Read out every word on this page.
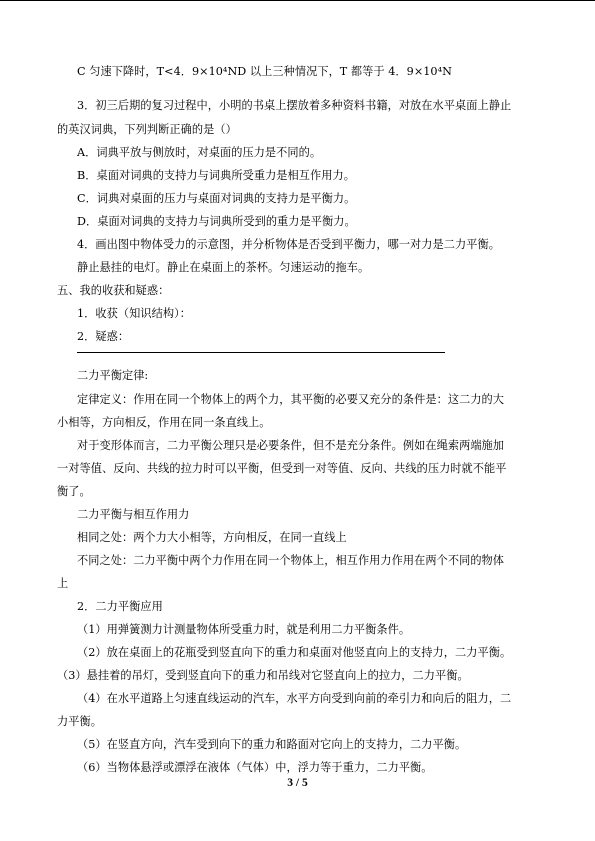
C 匀速下降时，T<4．9×10⁴ND 以上三种情况下，T 都等于 4．9×10⁴N
3．初三后期的复习过程中，小明的书桌上摆放着多种资料书籍，对放在水平桌面上静止
的英汉词典，下列判断正确的是（）
A．词典平放与侧放时，对桌面的压力是不同的。
B．桌面对词典的支持力与词典所受重力是相互作用力。
C．词典对桌面的压力与桌面对词典的支持力是平衡力。
D．桌面对词典的支持力与词典所受到的重力是平衡力。
4．画出图中物体受力的示意图，并分析物体是否受到平衡力，哪一对力是二力平衡。
静止悬挂的电灯。静止在桌面上的茶杯。匀速运动的拖车。
五、我的收获和疑惑：
1．收获（知识结构）：
2．疑惑：
二力平衡定律:
定律定义：作用在同一个物体上的两个力，其平衡的必要又充分的条件是：这二力的大
小相等，方向相反，作用在同一条直线上。
对于变形体而言，二力平衡公理只是必要条件，但不是充分条件。例如在绳索两端施加
一对等值、反向、共线的拉力时可以平衡，但受到一对等值、反向、共线的压力时就不能平
衡了。
二力平衡与相互作用力
相同之处：两个力大小相等，方向相反，在同一直线上
不同之处：二力平衡中两个力作用在同一个物体上，相互作用力作用在两个不同的物体
上
2．二力平衡应用
（1）用弹簧测力计测量物体所受重力时，就是利用二力平衡条件。
（2）放在桌面上的花瓶受到竖直向下的重力和桌面对他竖直向上的支持力，二力平衡。
（3）悬挂着的吊灯，受到竖直向下的重力和吊线对它竖直向上的拉力，二力平衡。
（4）在水平道路上匀速直线运动的汽车，水平方向受到向前的牵引力和向后的阻力，二
力平衡。
（5）在竖直方向，汽车受到向下的重力和路面对它向上的支持力，二力平衡。
（6）当物体悬浮或漂浮在液体（气体）中，浮力等于重力，二力平衡。
3 / 5
